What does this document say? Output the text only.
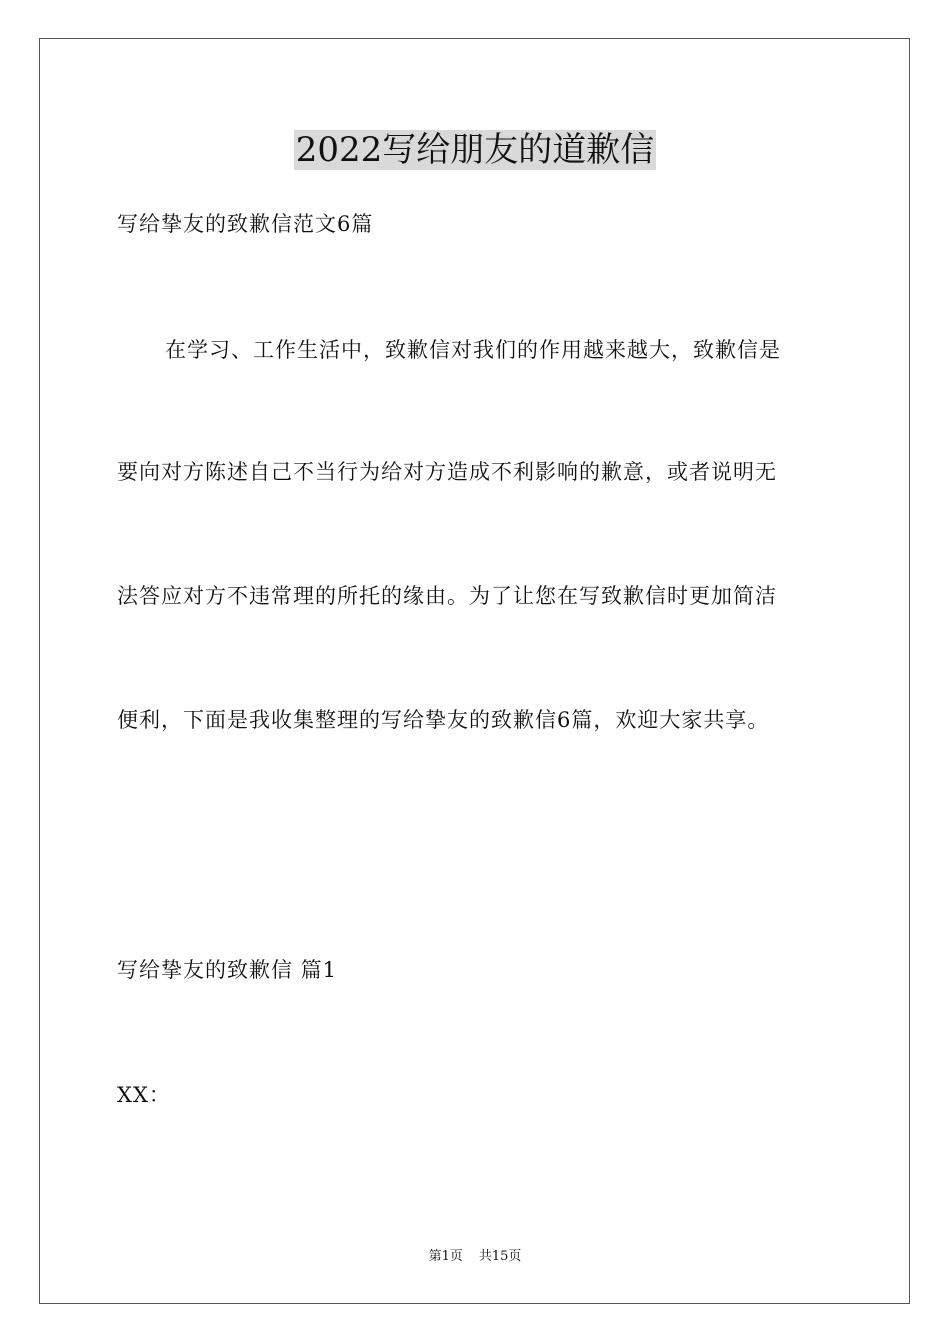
2022写给朋友的道歉信

写给挚友的致歉信范文6篇

在学习、工作生活中，致歉信对我们的作用越来越大，致歉信是

要向对方陈述自己不当行为给对方造成不利影响的歉意，或者说明无

法答应对方不违常理的所托的缘由。为了让您在写致歉信时更加简洁

便利，下面是我收集整理的写给挚友的致歉信6篇，欢迎大家共享。

写给挚友的致歉信 篇1

XX：

第1页 共15页
